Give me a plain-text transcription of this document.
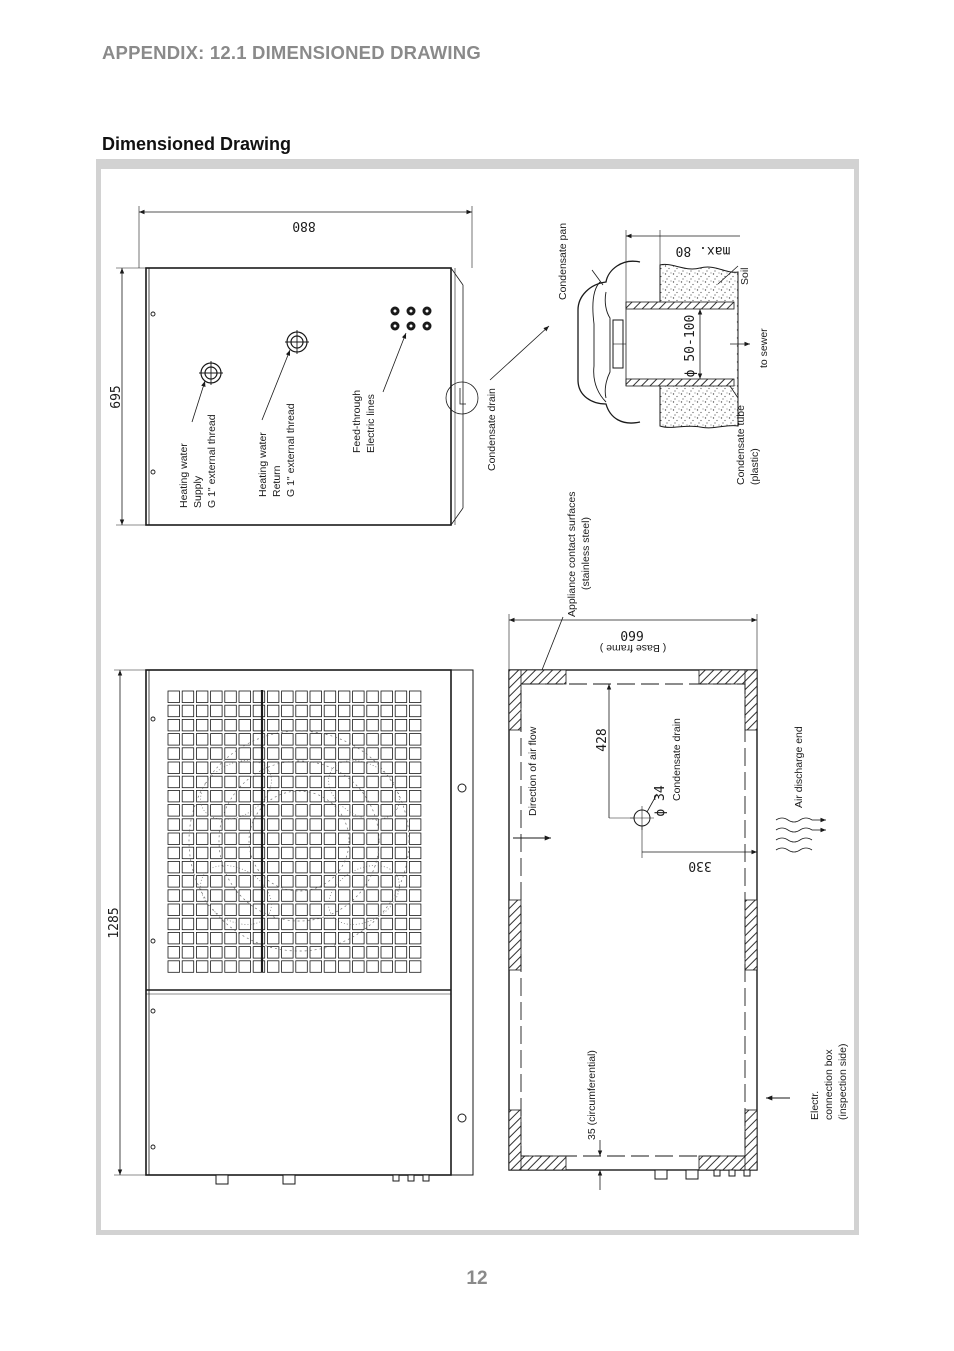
APPENDIX: 12.1 DIMENSIONED DRAWING
Dimensioned Drawing
880
695
Heating water Supply G 1" external thread	Heating water Return G 1" external thread	Feed-through Electric lines	Condensate drain
max. 80
ϕ 50-100
Condensate pan	Soil
to sewer
Condensate tube (plastic)
Appliance contact surfaces (stainless steel)
1285
428
330
ϕ 34
660
( Base frame )
35 (circumferential)
Direction of air flow	Condensate drain	Air discharge end
Electr. connection box (inspection side)
12
